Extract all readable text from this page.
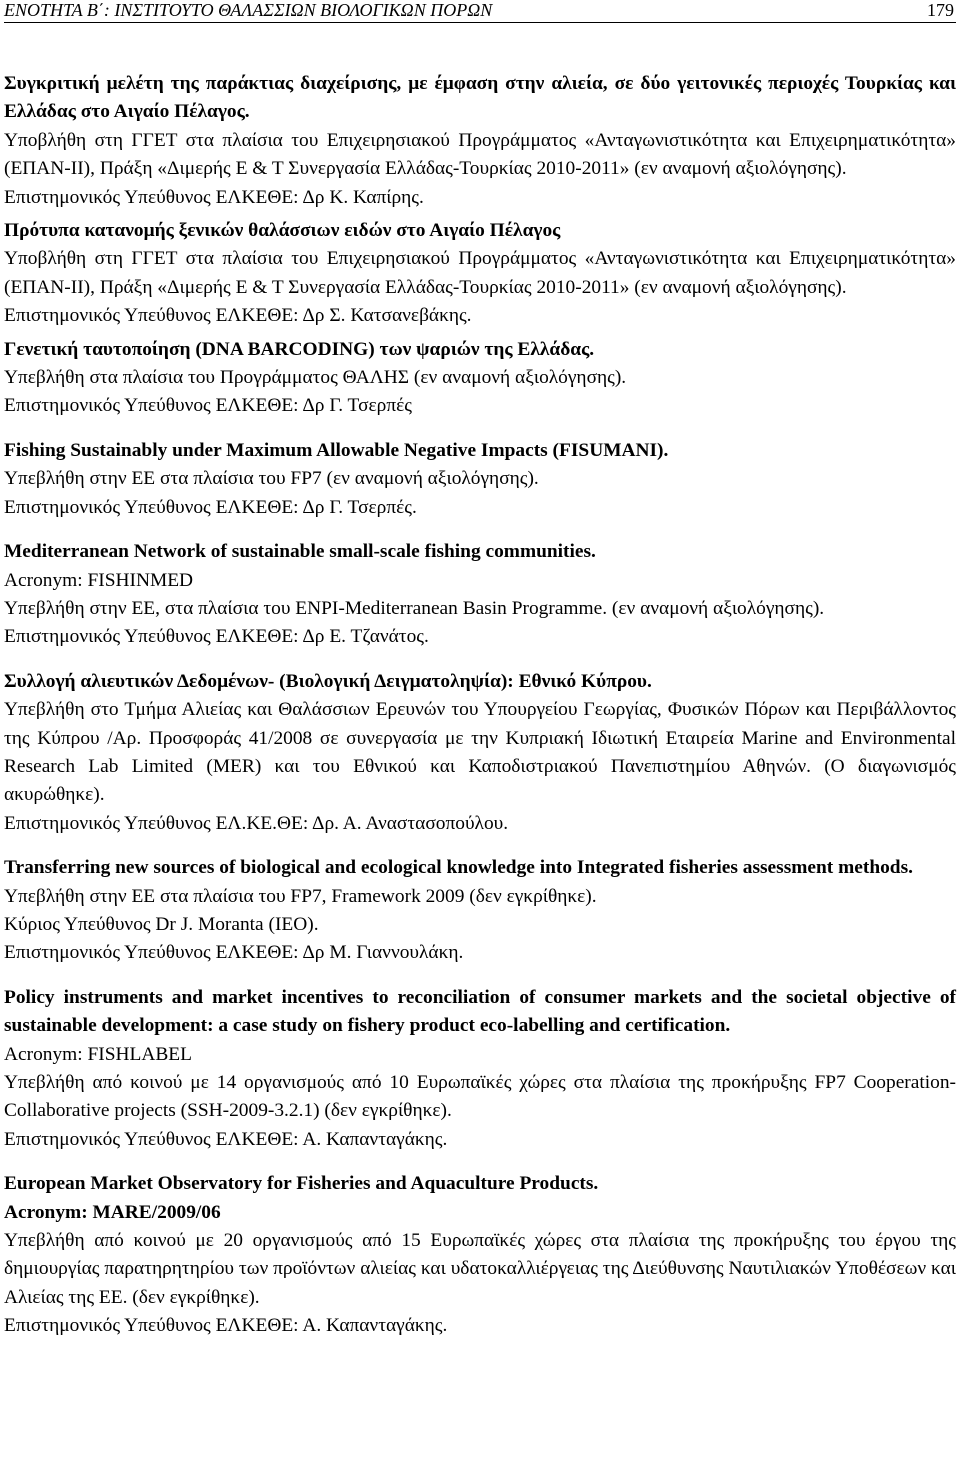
ΕΝΟΤΗΤΑ Β΄: ΙΝΣΤΙΤΟΥΤΟ ΘΑΛΑΣΣΙΩΝ ΒΙΟΛΟΓΙΚΩΝ ΠΟΡΩΝ	179

Συγκριτική μελέτη της παράκτιας διαχείρισης, με έμφαση στην αλιεία, σε δύο γειτονικές περιοχές Τουρκίας και Ελλάδας στο Αιγαίο Πέλαγος.

Υποβλήθη στη ΓΓΕΤ στα πλαίσια του Επιχειρησιακού Προγράμματος «Ανταγωνιστικότητα και Επιχειρηματικότητα» (ΕΠΑΝ-ΙΙ), Πράξη «Διμερής Ε & Τ Συνεργασία Ελλάδας-Τουρκίας 2010-2011» (εν αναμονή αξιολόγησης).

Επιστημονικός Υπεύθυνος ΕΛΚΕΘΕ: Δρ Κ. Καπίρης.

Πρότυπα κατανομής ξενικών θαλάσσιων ειδών στο Αιγαίο Πέλαγος

Υποβλήθη στη ΓΓΕΤ στα πλαίσια του Επιχειρησιακού Προγράμματος «Ανταγωνιστικότητα και Επιχειρηματικότητα» (ΕΠΑΝ-ΙΙ), Πράξη «Διμερής Ε & Τ Συνεργασία Ελλάδας-Τουρκίας 2010-2011» (εν αναμονή αξιολόγησης).

Επιστημονικός Υπεύθυνος ΕΛΚΕΘΕ: Δρ Σ. Κατσανεβάκης.

Γενετική ταυτοποίηση (DNA BARCODING) των ψαριών της Ελλάδας.

Υπεβλήθη στα πλαίσια του Προγράμματος ΘΑΛΗΣ (εν αναμονή αξιολόγησης).

Επιστημονικός Υπεύθυνος ΕΛΚΕΘΕ: Δρ Γ. Τσερπές

Fishing Sustainably under Maximum Allowable Negative Impacts (FISUMANI).

Υπεβλήθη στην ΕΕ στα πλαίσια του FP7 (εν αναμονή αξιολόγησης).

Επιστημονικός Υπεύθυνος ΕΛΚΕΘΕ: Δρ Γ. Τσερπές.

Mediterranean Network of sustainable small-scale fishing communities.

Acronym: FISHINMED

Υπεβλήθη στην ΕΕ, στα πλαίσια του ENPI-Mediterranean Basin Programme. (εν αναμονή αξιολόγησης).

Επιστημονικός Υπεύθυνος ΕΛΚΕΘΕ: Δρ Ε. Τζανάτος.

Συλλογή αλιευτικών Δεδομένων- (Βιολογική Δειγματοληψία): Εθνικό Κύπρου.

Υπεβλήθη στο Τμήμα Αλιείας και Θαλάσσιων Ερευνών του Υπουργείου Γεωργίας, Φυσικών Πόρων και Περιβάλλοντος της Κύπρου /Αρ. Προσφοράς 41/2008 σε συνεργασία με την Κυπριακή Ιδιωτική Εταιρεία Marine and Environmental Research Lab Limited (MER) και του Εθνικού και Καποδιστριακού Πανεπιστημίου Αθηνών. (Ο διαγωνισμός ακυρώθηκε).

Επιστημονικός Υπεύθυνος ΕΛ.ΚΕ.ΘΕ: Δρ. Α. Αναστασοπούλου.

Transferring new sources of biological and ecological knowledge into Integrated fisheries assessment methods.

Υπεβλήθη στην ΕΕ στα πλαίσια του FP7, Framework 2009 (δεν εγκρίθηκε).

Κύριος Υπεύθυνος Dr J. Moranta (IEO).

Επιστημονικός Υπεύθυνος ΕΛΚΕΘΕ: Δρ Μ. Γιαννουλάκη.

Policy instruments and market incentives to reconciliation of consumer markets and the societal objective of sustainable development: a case study on fishery product eco-labelling and certification.

Acronym: FISHLABEL

Υπεβλήθη από κοινού με 14 οργανισμούς από 10 Ευρωπαϊκές χώρες στα πλαίσια της προκήρυξης FP7 Cooperation-Collaborative projects (SSH-2009-3.2.1) (δεν εγκρίθηκε).

Επιστημονικός Υπεύθυνος ΕΛΚΕΘΕ: Α. Καπανταγάκης.

European Market Observatory for Fisheries and Aquaculture Products.

Acronym: MARE/2009/06

Υπεβλήθη από κοινού με 20 οργανισμούς από 15 Ευρωπαϊκές χώρες στα πλαίσια της προκήρυξης του έργου της δημιουργίας παρατηρητηρίου των προϊόντων αλιείας και υδατοκαλλιέργειας της Διεύθυνσης Ναυτιλιακών Υποθέσεων και Αλιείας της ΕΕ. (δεν εγκρίθηκε).

Επιστημονικός Υπεύθυνος ΕΛΚΕΘΕ: Α. Καπανταγάκης.
